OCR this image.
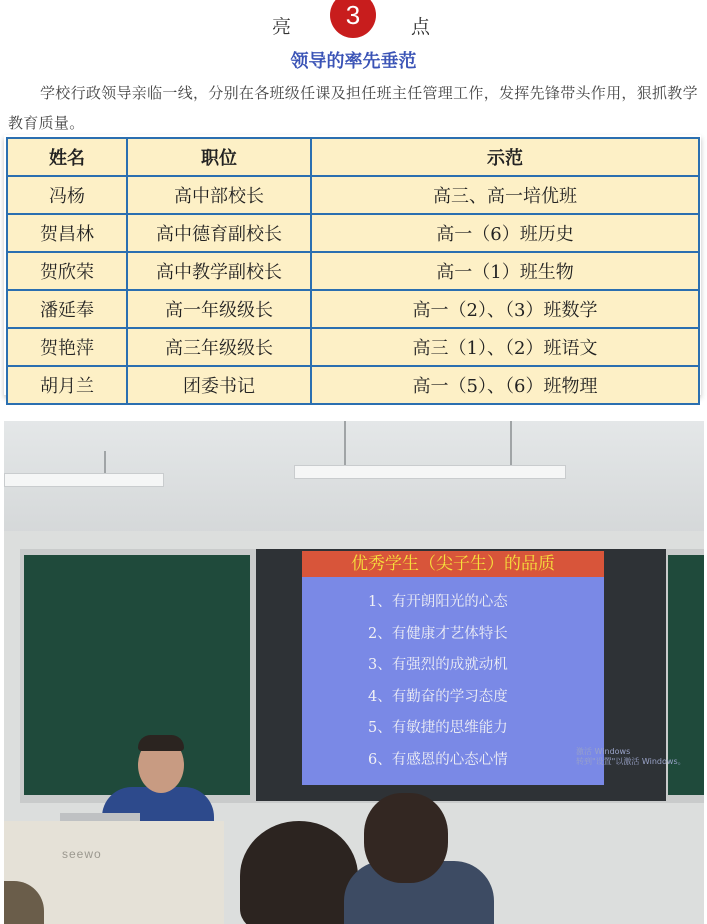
亮	3	点
领导的率先垂范
学校行政领导亲临一线，分别在各班级任课及担任班主任管理工作，发挥先锋带头作用，狠抓教学教育质量。
姓名	职位	示范
冯杨	高中部校长	高三、高一培优班
贺昌林	高中德育副校长	高一（6）班历史
贺欣荣	高中教学副校长	高一（1）班生物
潘延奉	高一年级级长	高一（2）、（3）班数学
贺艳萍	高三年级级长	高三（1）、（2）班语文
胡月兰	团委书记	高一（5）、（6）班物理
优秀学生（尖子生）的品质
1、有开朗阳光的心态
2、有健康才艺体特长
3、有强烈的成就动机
4、有勤奋的学习态度
5、有敏捷的思维能力
6、有感恩的心态心情	激活 Windows
转到"设置"以激活 Windows。
seewo
